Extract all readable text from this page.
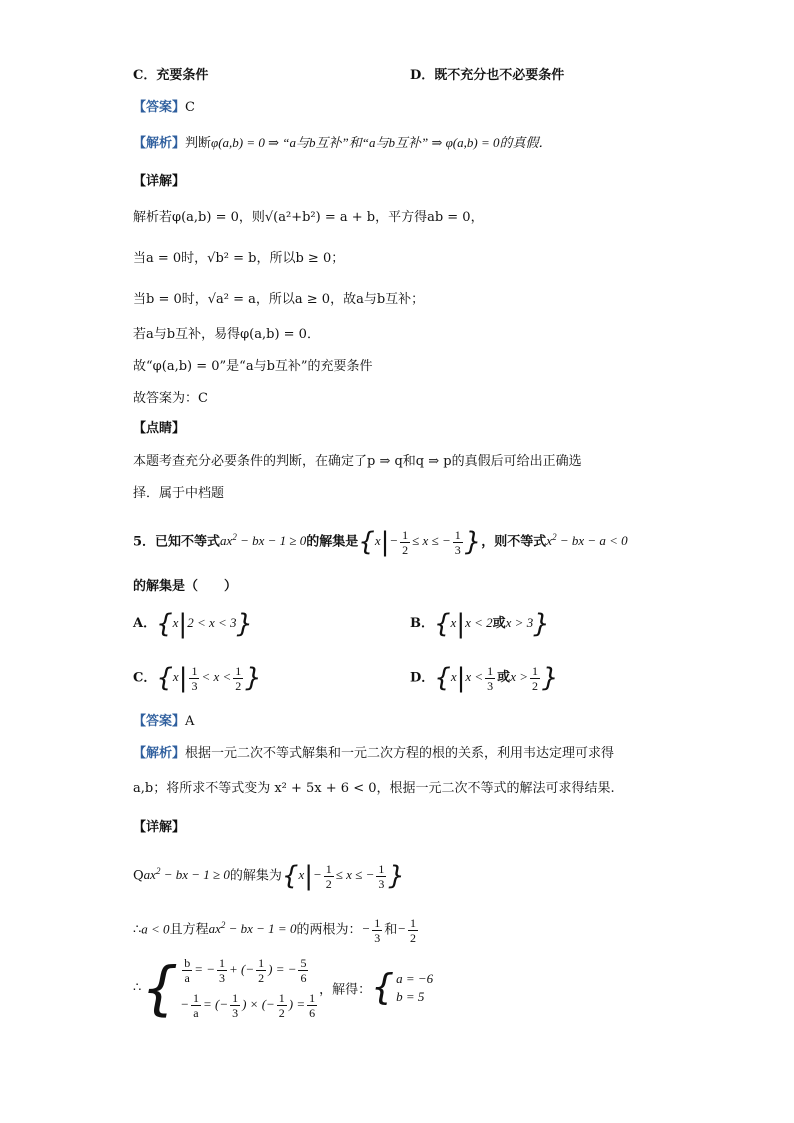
C．充要条件	D．既不充分也不必要条件
【答案】C
【解析】判断φ(a,b) = 0 ⇒ “a与b互补”和“a与b互补” ⇒ φ(a,b) = 0的真假．
【详解】
解析若φ(a,b) = 0，则√(a²+b²) = a + b，平方得ab = 0，
当a = 0时，√b² = b，所以b ≥ 0；
当b = 0时，√a² = a，所以a ≥ 0，故a与b互补；
若a与b互补，易得φ(a,b) = 0．
故“φ(a,b) = 0”是“a与b互补”的充要条件
故答案为：C
【点睛】
本题考查充分必要条件的判断，在确定了p ⇒ q和q ⇒ p的真假后可给出正确选
择．属于中档题
5．已知不等式$ax^2$ − bx − 1 ≥ 0的解集是{$x|- \frac{1}{2} \le x$ ≤ − $\frac{1}{3}$ }，则不等式$x^2$ − bx − a < 0
的解集是（　　）
A．{x|2 < x < 3}	B．{x|x < 2或x > 3}
C．{$x| \frac{1}{3} < x < \frac{1}{2}$ }	D．{$x|x < \frac{1}{3}$ 或$x > \frac{1}{2}$ }
【答案】A
【解析】根据一元二次不等式解集和一元二次方程的根的关系，利用韦达定理可求得
a,b；将所求不等式变为 x² + 5x + 6 < 0，根据一元二次不等式的解法可求得结果.
【详解】
Qax$^2$ − bx − 1 ≥ 0的解集为{$x|- \frac{1}{2} \le x$ ≤ − $\frac{1}{3}$ }
∴a < 0且方程$ax^2$ − bx − 1 = 0的两根为：− $\frac{1}{3}$ 和− $\frac{1}{2}$
∴ { $\frac{b}{a}$ = − $\frac{1}{3}$ + (− $\frac{1}{2}$ ) = − $\frac{5}{6}$
− $\frac{1}{a}$ = (− $\frac{1}{3}$ ) × (− $\frac{1}{2}$ ) = $\frac{1}{6}$
，解得： { a = −6
b = 5
